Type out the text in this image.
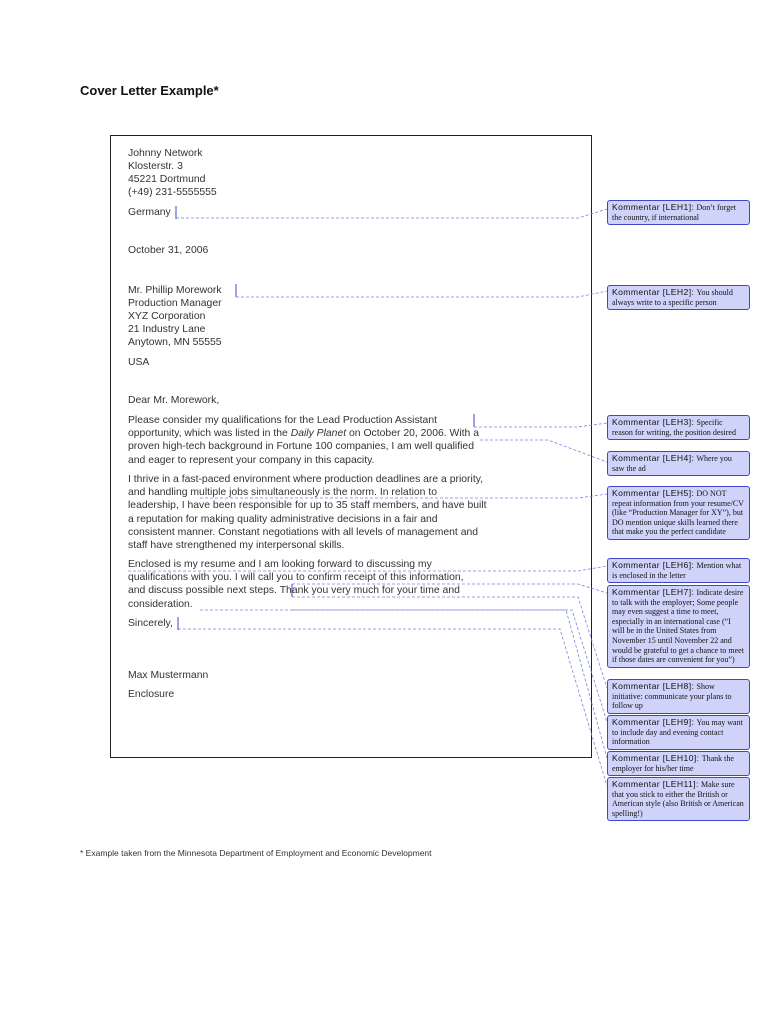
Cover Letter Example*
Johnny Network
Klosterstr. 3
45221 Dortmund
(+49) 231-5555555
Germany
October 31, 2006
Mr. Phillip Morework
Production Manager
XYZ Corporation
21 Industry Lane
Anytown, MN 55555
USA
Dear Mr. Morework,
Please consider my qualifications for the Lead Production Assistant
opportunity, which was listed in the Daily Planet on October 20, 2006. With a
proven high-tech background in Fortune 100 companies, I am well qualified
and eager to represent your company in this capacity.
I thrive in a fast-paced environment where production deadlines are a priority,
and handling multiple jobs simultaneously is the norm. In relation to
leadership, I have been responsible for up to 35 staff members, and have built
a reputation for making quality administrative decisions in a fair and
consistent manner. Constant negotiations with all levels of management and
staff have strengthened my interpersonal skills.
Enclosed is my resume and I am looking forward to discussing my
qualifications with you. I will call you to confirm receipt of this information,
and discuss possible next steps. Thank you very much for your time and
consideration.
Sincerely,
Max Mustermann
Enclosure
Kommentar [LEH1]: Don’t forget the country, if international
Kommentar [LEH2]: You should always write to a specific person
Kommentar [LEH3]: Specific reason for writing, the position desired
Kommentar [LEH4]: Where you saw the ad
Kommentar [LEH5]: DO NOT repeat information from your resume/CV (like “Production Manager for XY”), but DO mention unique skills learned there that make you the perfect candidate
Kommentar [LEH6]: Mention what is enclosed in the letter
Kommentar [LEH7]: Indicate desire to talk with the employer; Some people may even suggest a time to meet, especially in an international case (“I will be in the United States from November 15 until November 22 and would be grateful to get a chance to meet if those dates are convenient for you”)
Kommentar [LEH8]: Show initiative: communicate your plans to follow up
Kommentar [LEH9]: You may want to include day and evening contact information
Kommentar [LEH10]: Thank the employer for his/her time
Kommentar [LEH11]: Make sure that you stick to either the British or American style (also British or American spelling!)
* Example taken from the Minnesota Department of Employment and Economic Development
